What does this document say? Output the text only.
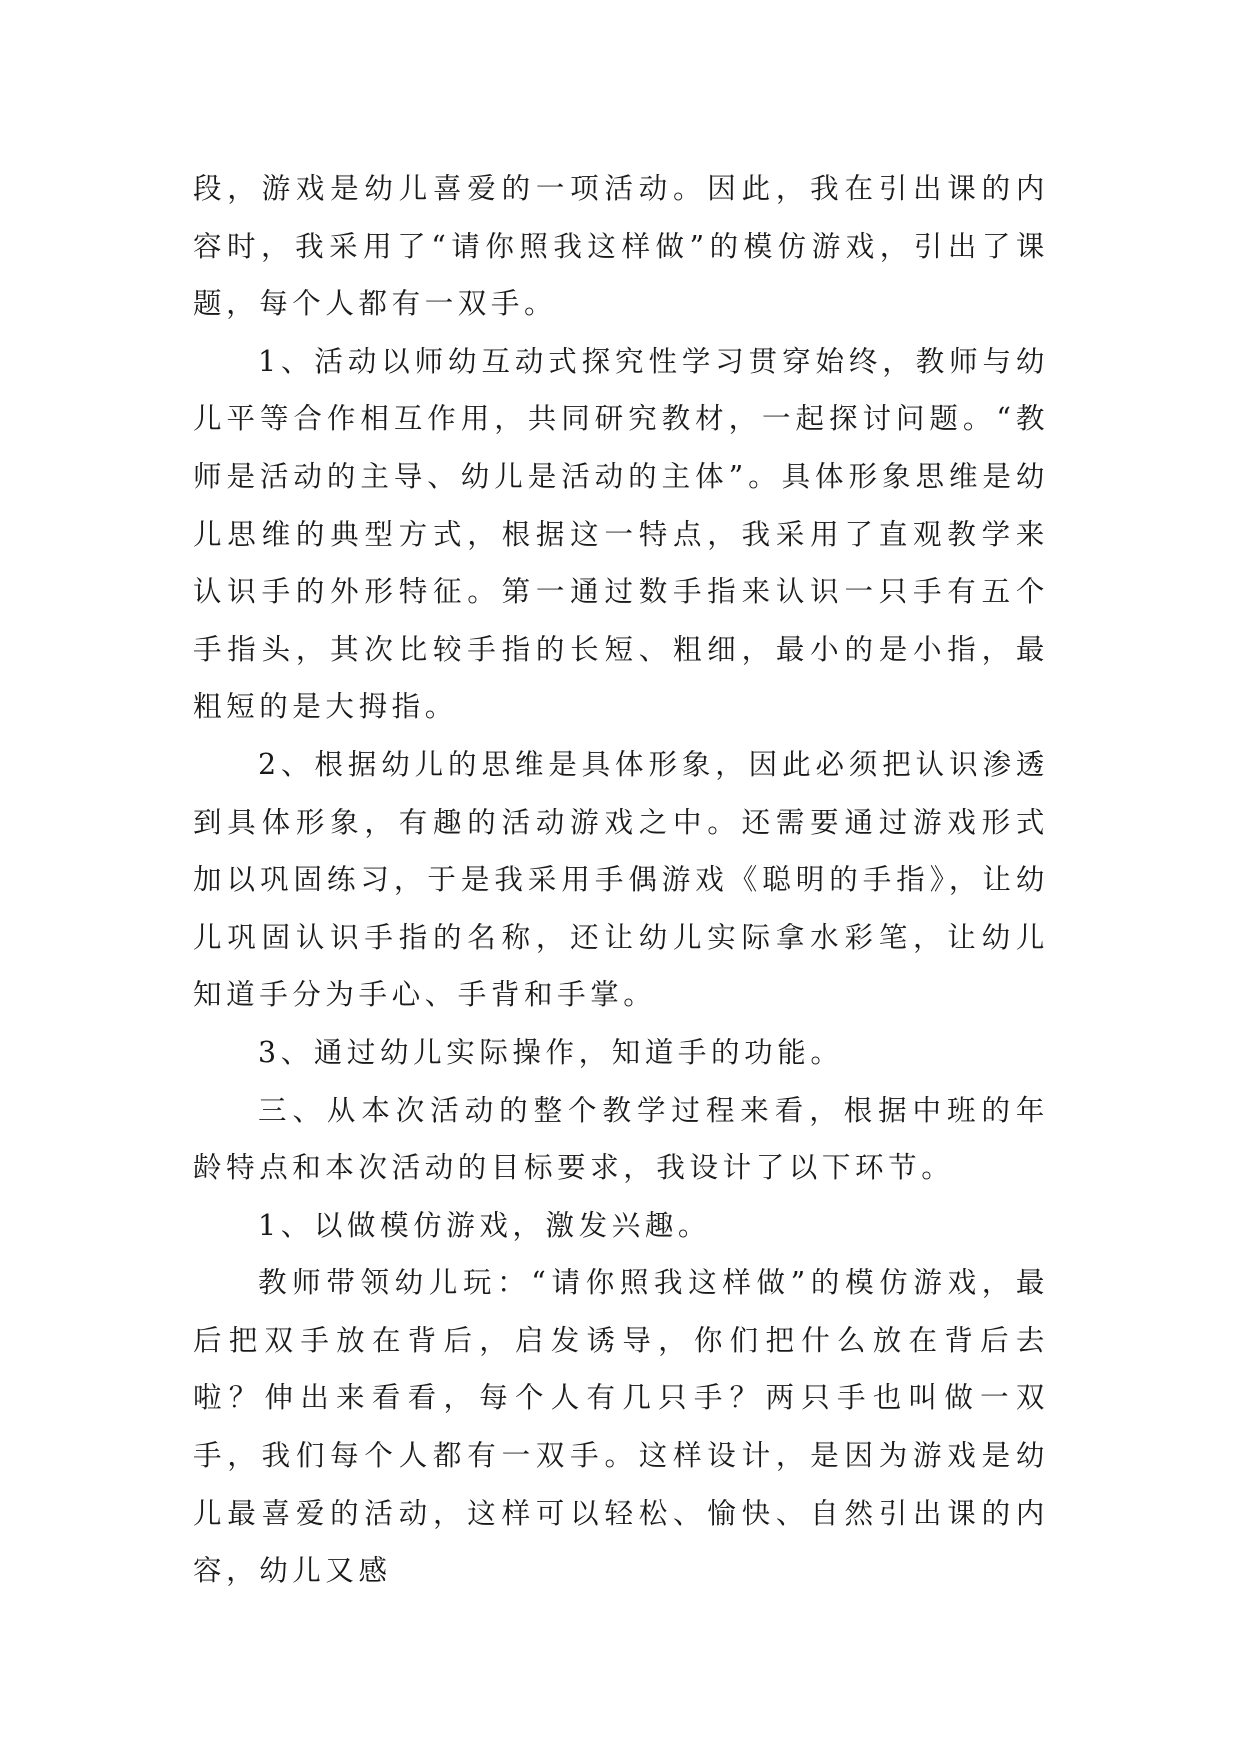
段，游戏是幼儿喜爱的一项活动。因此，我在引出课的内容时，我采用了“请你照我这样做”的模仿游戏，引出了课题，每个人都有一双手。

1、活动以师幼互动式探究性学习贯穿始终，教师与幼儿平等合作相互作用，共同研究教材，一起探讨问题。“教师是活动的主导、幼儿是活动的主体”。具体形象思维是幼儿思维的典型方式，根据这一特点，我采用了直观教学来认识手的外形特征。第一通过数手指来认识一只手有五个手指头，其次比较手指的长短、粗细，最小的是小指，最粗短的是大拇指。

2、根据幼儿的思维是具体形象，因此必须把认识渗透到具体形象，有趣的活动游戏之中。还需要通过游戏形式加以巩固练习，于是我采用手偶游戏《聪明的手指》，让幼儿巩固认识手指的名称，还让幼儿实际拿水彩笔，让幼儿知道手分为手心、手背和手掌。

3、通过幼儿实际操作，知道手的功能。

三、从本次活动的整个教学过程来看，根据中班的年龄特点和本次活动的目标要求，我设计了以下环节。

1、以做模仿游戏，激发兴趣。

教师带领幼儿玩：“请你照我这样做”的模仿游戏，最后把双手放在背后，启发诱导，你们把什么放在背后去啦？伸出来看看，每个人有几只手？两只手也叫做一双手，我们每个人都有一双手。这样设计，是因为游戏是幼儿最喜爱的活动，这样可以轻松、愉快、自然引出课的内容，幼儿又感
